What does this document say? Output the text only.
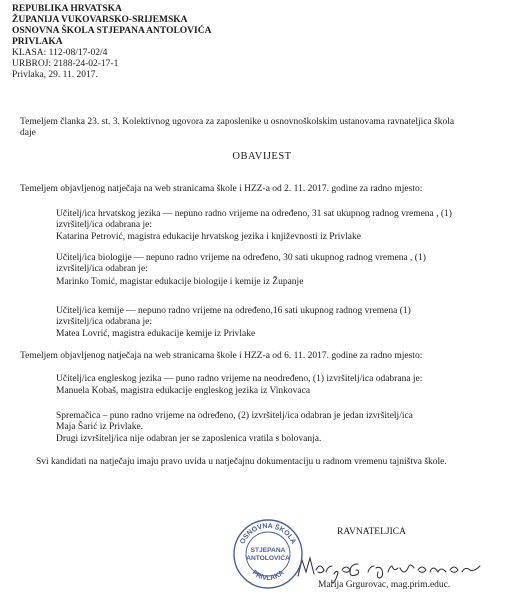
REPUBLIKA HRVATSKA
ŽUPANIJA VUKOVARSKO-SRIJEMSKA
OSNOVNA ŠKOLA STJEPANA ANTOLOVIĆA
PRIVLAKA
KLASA: 112-08/17-02/4
URBROJ: 2188-24-02-17-1
Privlaka, 29. 11. 2017.
Temeljem članka 23. st. 3. Kolektivnog ugovora za zaposlenike u osnovnoškolskim ustanovama ravnateljica škola
daje
OBAVIJEST
Temeljem objavljenog natječaja na web stranicama škole i HZZ-a od 2. 11. 2017. godine za radno mjesto:
Učitelj/ica hrvatskog jezika — nepuno radno vrijeme na određeno, 31 sat ukupnog radnog vremena , (1)
izvršitelj/ica odabrana je:
Katarina Petrović, magistra edukacije hrvatskog jezika i književnosti iz Privlake
Učitelj/ica biologije — nepuno radno vrijeme na određeno, 30 sati ukupnog radnog vremena , (1)
izvršitelj/ica odabran je:
Marinko Tomić, magistar edukacije biologije i kemije iz Županje
Učitelj/ica kemije — nepuno radno vrijeme na određeno,16 sati ukupnog radnog vremena (1)
izvršitelj/ica odabrana je:
Matea Lovrić, magistra edukacije kemije iz Privlake
Temeljem objavljenog natječaja na web stranicama škole i HZZ-a od 6. 11. 2017. godine za radno mjesto:
Učitelj/ica engleskog jezika — puno radno vrijeme na neodređeno, (1) izvršitelj/ica odabrana je:
Manuela Kobaš, magistra edukacije engleskog jezika iz Vinkovaca
Spremačica – puno radno vrijeme na određeno, (2) izvršitelj/ica odabran je jedan izvršitelj/ica
Maja Šarić iz Privlake.
Drugi izvršitelj/ica nije odabran jer se zaposlenica vratila s bolovanja.
Svi kandidati na natječaju imaju pravo uvida u natječajnu dokumentaciju u radnom vremenu tajništva škole.
RAVNATELJICA
Marija Grgurovac, mag.prim.educ.
OSNOVNA ŠKOLA
PRIVLAKA
STJEPANA
ANTOLOVIĆA
